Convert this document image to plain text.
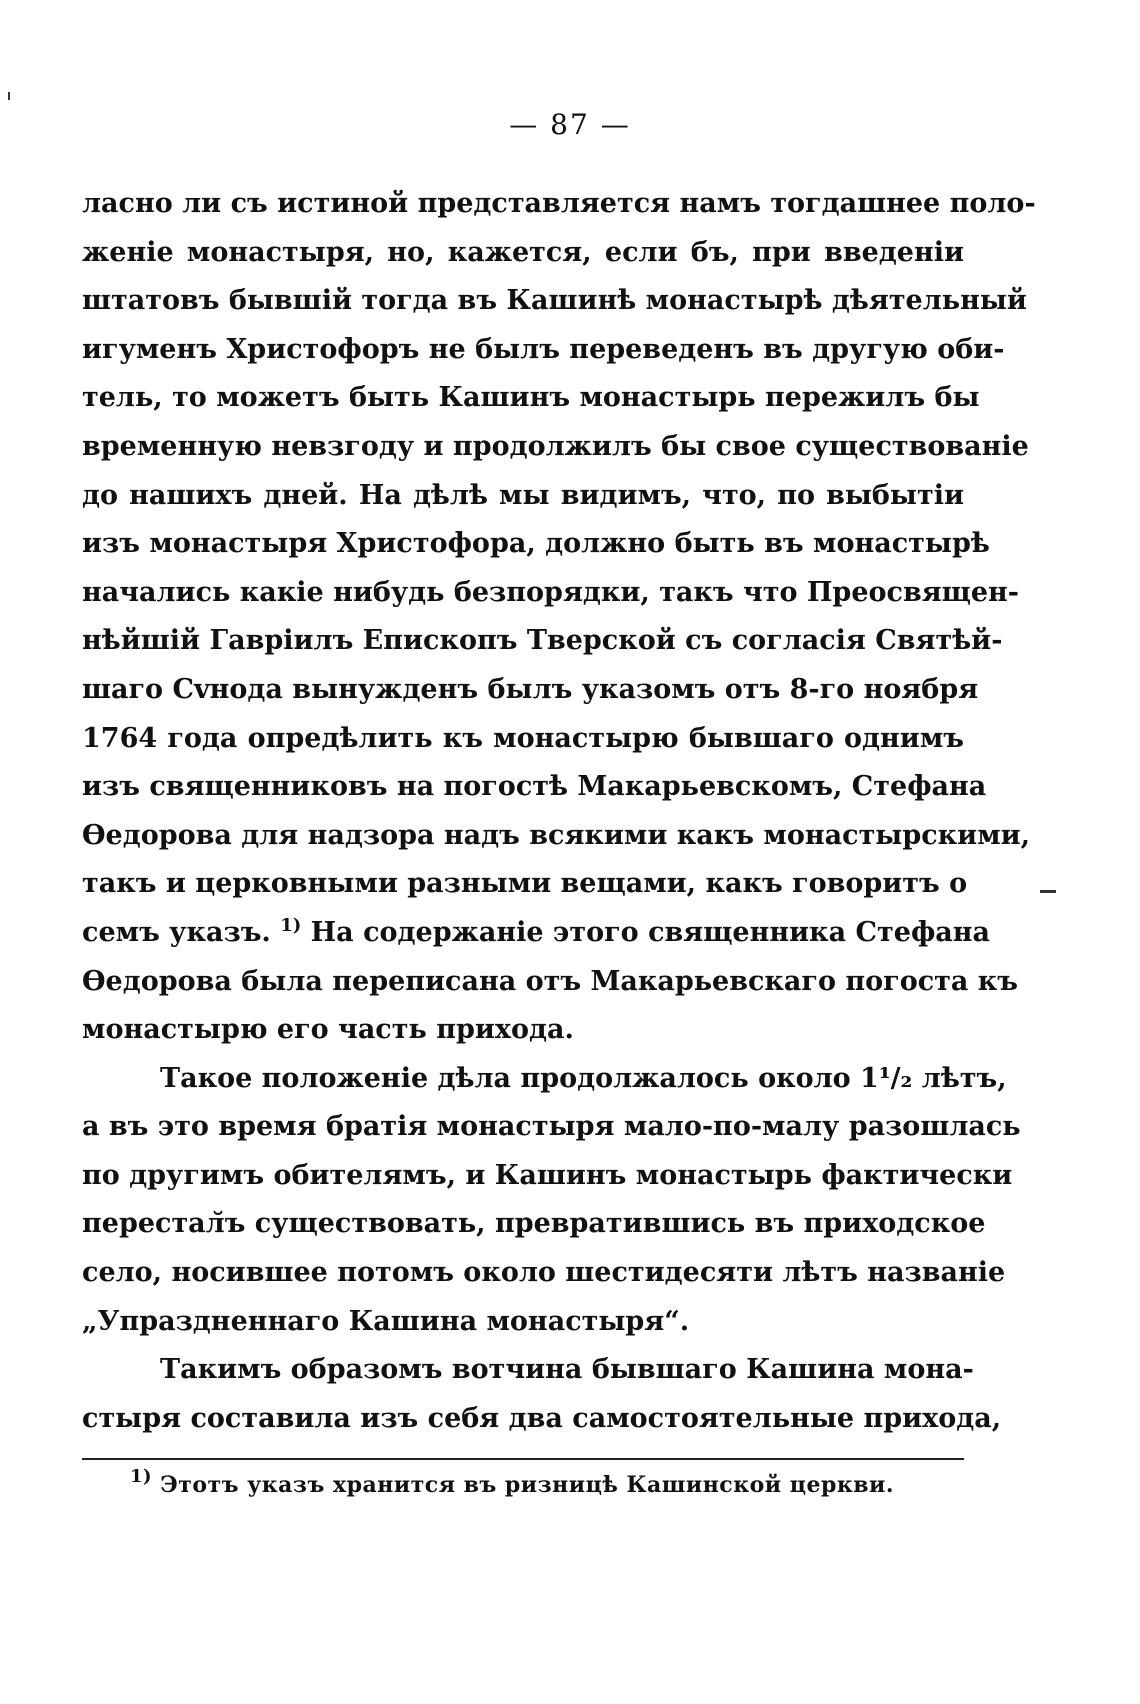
— 87 —
ласно ли съ истиной представляется намъ тогдашнее поло-
женіе монастыря, но, кажется, если бъ, при введеніи
штатовъ бывшій тогда въ Кашинѣ монастырѣ дѣятельный
игуменъ Христофоръ не былъ переведенъ въ другую оби-
тель, то можетъ быть Кашинъ монастырь пережилъ бы
временную невзгоду и продолжилъ бы свое существованіе
до нашихъ дней. На дѣлѣ мы видимъ, что, по выбытіи
изъ монастыря Христофора, должно быть въ монастырѣ
начались какіе нибудь безпорядки, такъ что Преосвящен-
нѣйшій Гавріилъ Епископъ Тверской съ согласія Святѣй-
шаго Сvнода вынужденъ былъ указомъ отъ 8-го ноября
1764 года опредѣлить къ монастырю бывшаго однимъ
изъ священниковъ на погостѣ Макарьевскомъ, Стефана
Ѳедорова для надзора надъ всякими какъ монастырскими,
такъ и церковными разными вещами, какъ говоритъ о
семъ указъ. $^{1)}$ На содержаніе этого священника Стефана
Ѳедорова была переписана отъ Макарьевскаго погоста къ
монастырю его часть прихода.
Такое положеніе дѣла продолжалось около 1¹/₂ лѣтъ,
а въ это время братія монастыря мало-по-малу разошлась
по другимъ обителямъ, и Кашинъ монастырь фактически
перестал̆ъ существовать, превратившись въ приходское
село, носившее потомъ около шестидесяти лѣтъ названіе
„Упраздненнаго Кашина монастыря“.
Такимъ образомъ вотчина бывшаго Кашина мона-
стыря составила изъ себя два самостоятельные прихода,
$^{1)}$ Этотъ указъ хранится въ ризницѣ Кашинской церкви.
